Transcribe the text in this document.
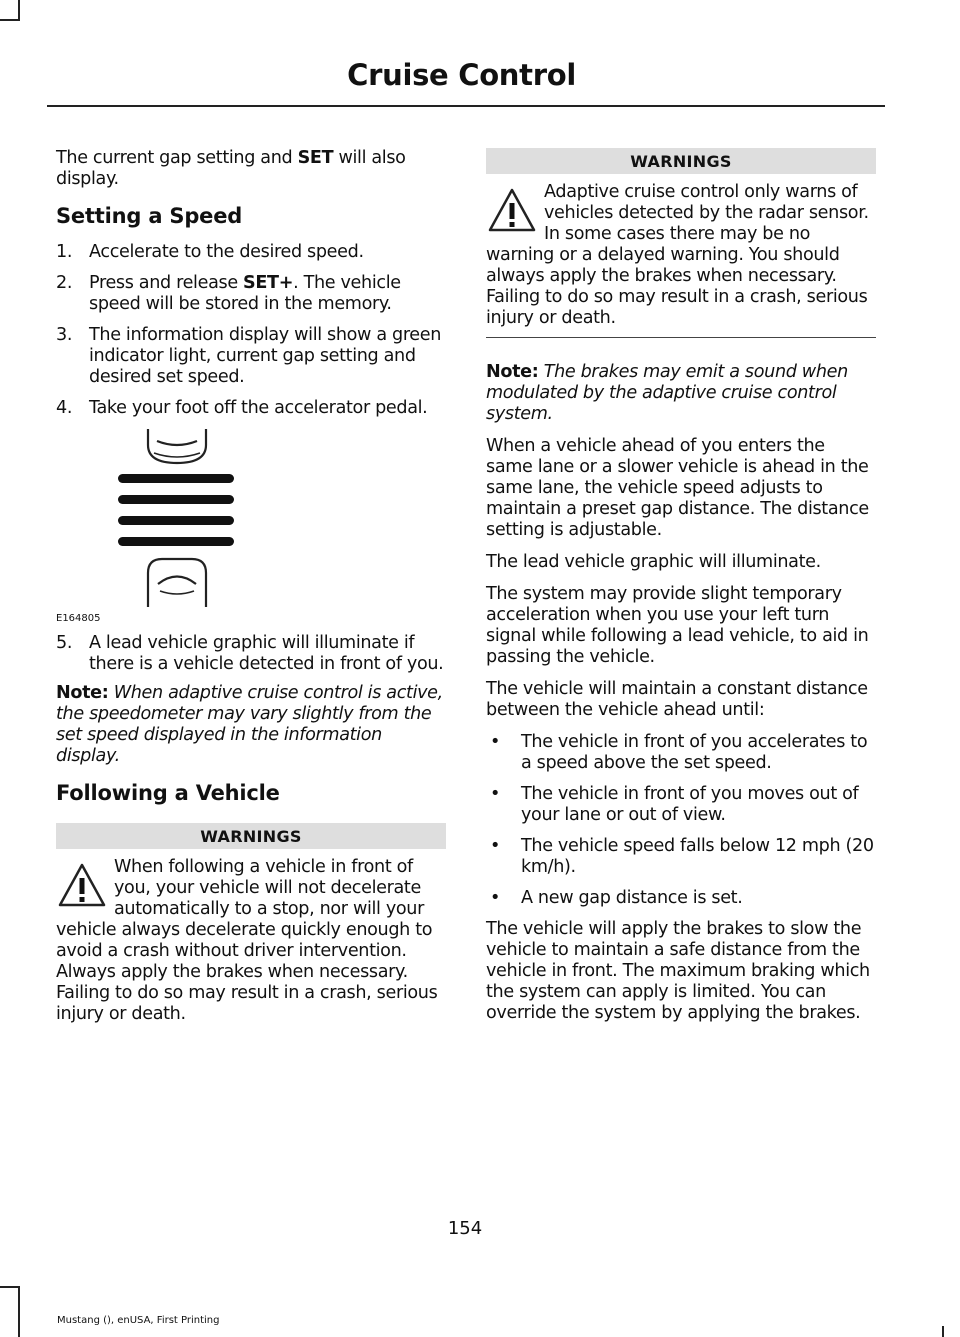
Cruise Control

The current gap setting and SET will also display.

Setting a Speed
1. Accelerate to the desired speed.
2. Press and release SET+. The vehicle speed will be stored in the memory.
3. The information display will show a green indicator light, current gap setting and desired set speed.
4. Take your foot off the accelerator pedal.
E164805
5. A lead vehicle graphic will illuminate if there is a vehicle detected in front of you.

Note: When adaptive cruise control is active, the speedometer may vary slightly from the set speed displayed in the information display.

Following a Vehicle
WARNINGS
When following a vehicle in front of you, your vehicle will not decelerate automatically to a stop, nor will your vehicle always decelerate quickly enough to avoid a crash without driver intervention. Always apply the brakes when necessary. Failing to do so may result in a crash, serious injury or death.
WARNINGS
Adaptive cruise control only warns of vehicles detected by the radar sensor. In some cases there may be no warning or a delayed warning. You should always apply the brakes when necessary. Failing to do so may result in a crash, serious injury or death.

Note: The brakes may emit a sound when modulated by the adaptive cruise control system.

When a vehicle ahead of you enters the same lane or a slower vehicle is ahead in the same lane, the vehicle speed adjusts to maintain a preset gap distance. The distance setting is adjustable.

The lead vehicle graphic will illuminate.

The system may provide slight temporary acceleration when you use your left turn signal while following a lead vehicle, to aid in passing the vehicle.

The vehicle will maintain a constant distance between the vehicle ahead until:

• The vehicle in front of you accelerates to a speed above the set speed.
• The vehicle in front of you moves out of your lane or out of view.
• The vehicle speed falls below 12 mph (20 km/h).
• A new gap distance is set.

The vehicle will apply the brakes to slow the vehicle to maintain a safe distance from the vehicle in front. The maximum braking which the system can apply is limited. You can override the system by applying the brakes.

154
Mustang (), enUSA, First Printing
